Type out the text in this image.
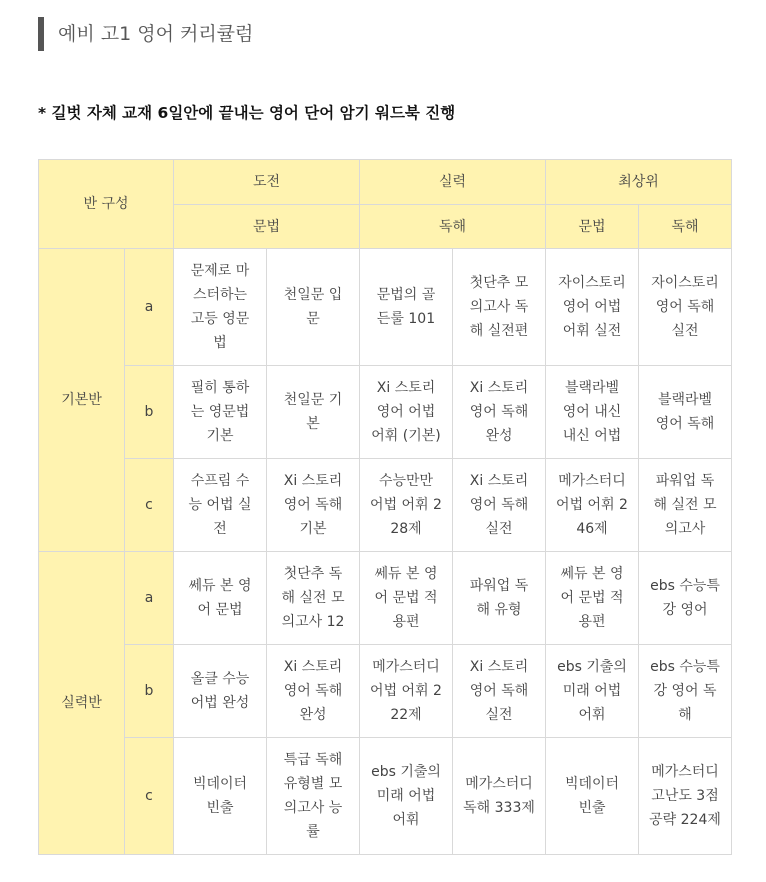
예비 고1 영어 커리큘럼
* 길벗 자체 교재 6일안에 끝내는 영어 단어 암기 워드북 진행
반 구성		도전		실력		최상위	
		문법		독해		문법	독해
기본반	a	문제로 마스터하는 고등 영문법	천일문 입문	문법의 골든룰 101	첫단추 모의고사 독해 실전편	자이스토리 영어 어법 어휘 실전	자이스토리 영어 독해 실전
	b	필히 통하는 영문법 기본	천일문 기본	Xi 스토리 영어 어법 어휘 (기본)	Xi 스토리 영어 독해 완성	블랙라벨 영어 내신 내신 어법	블랙라벨 영어 독해
	c	수프림 수능 어법 실전	Xi 스토리 영어 독해 기본	수능만만 어법 어휘 228제	Xi 스토리 영어 독해 실전	메가스터디 어법 어휘 246제	파워업 독해 실전 모의고사
실력반	a	쎄듀 본 영어 문법	첫단추 독해 실전 모의고사 12	쎄듀 본 영어 문법 적용편	파워업 독해 유형	쎄듀 본 영어 문법 적용편	ebs 수능특강 영어
	b	올클 수능 어법 완성	Xi 스토리 영어 독해 완성	메가스터디 어법 어휘 222제	Xi 스토리 영어 독해 실전	ebs 기출의 미래 어법 어휘	ebs 수능특강 영어 독해
	c	빅데이터 빈출	특급 독해 유형별 모의고사 능률	ebs 기출의 미래 어법 어휘	메가스터디 독해 333제	빅데이터 빈출	메가스터디 고난도 3점 공략 224제
